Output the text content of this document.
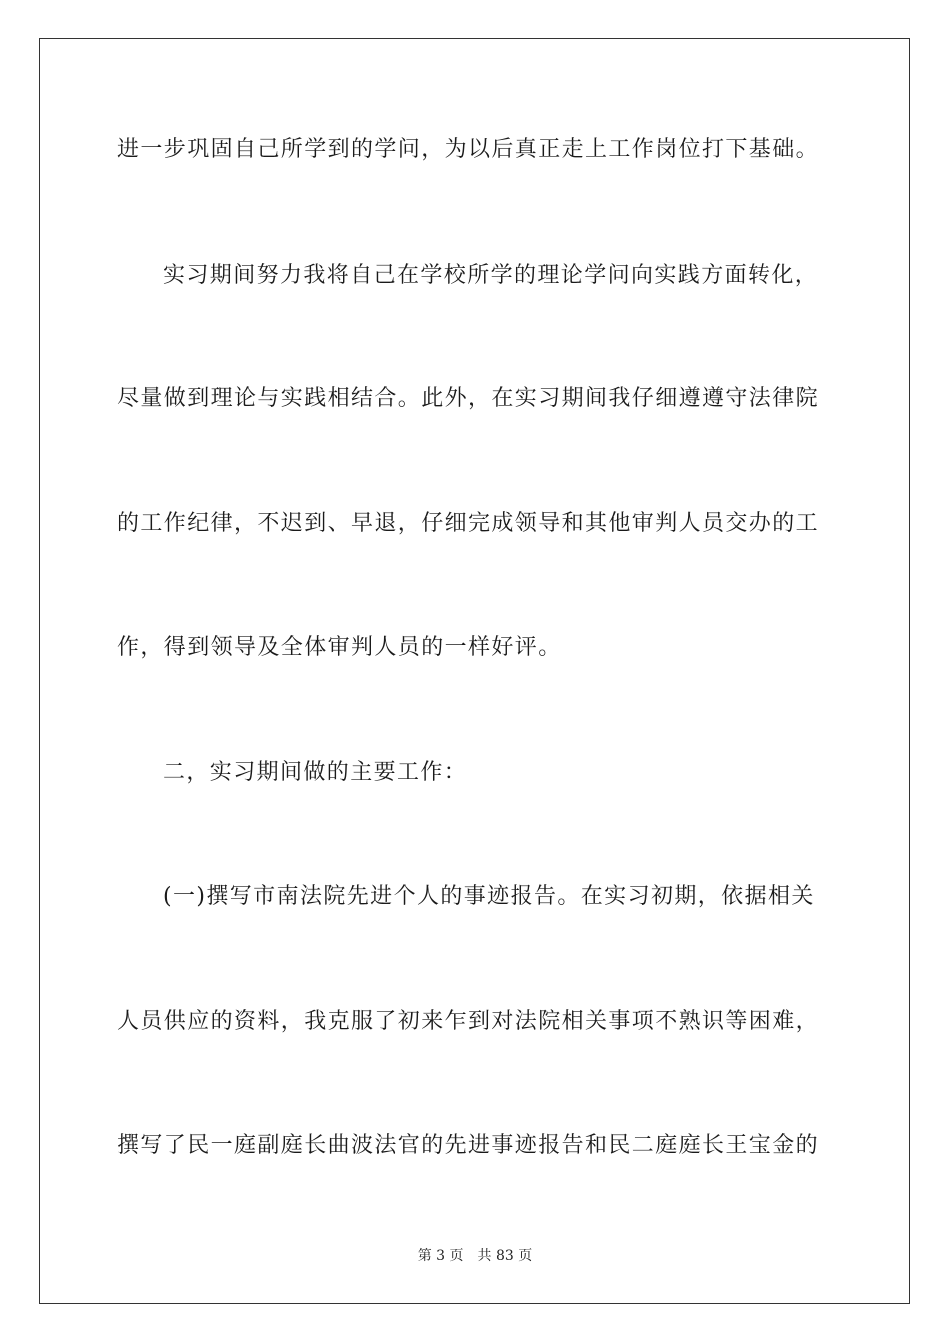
进一步巩固自己所学到的学问，为以后真正走上工作岗位打下基础。
实习期间努力我将自己在学校所学的理论学问向实践方面转化，
尽量做到理论与实践相结合。此外，在实习期间我仔细遵遵守法律院
的工作纪律，不迟到、早退，仔细完成领导和其他审判人员交办的工
作，得到领导及全体审判人员的一样好评。
二，实习期间做的主要工作：
(一)撰写市南法院先进个人的事迹报告。在实习初期，依据相关
人员供应的资料，我克服了初来乍到对法院相关事项不熟识等困难，
撰写了民一庭副庭长曲波法官的先进事迹报告和民二庭庭长王宝金的
第 3 页 共 83 页
